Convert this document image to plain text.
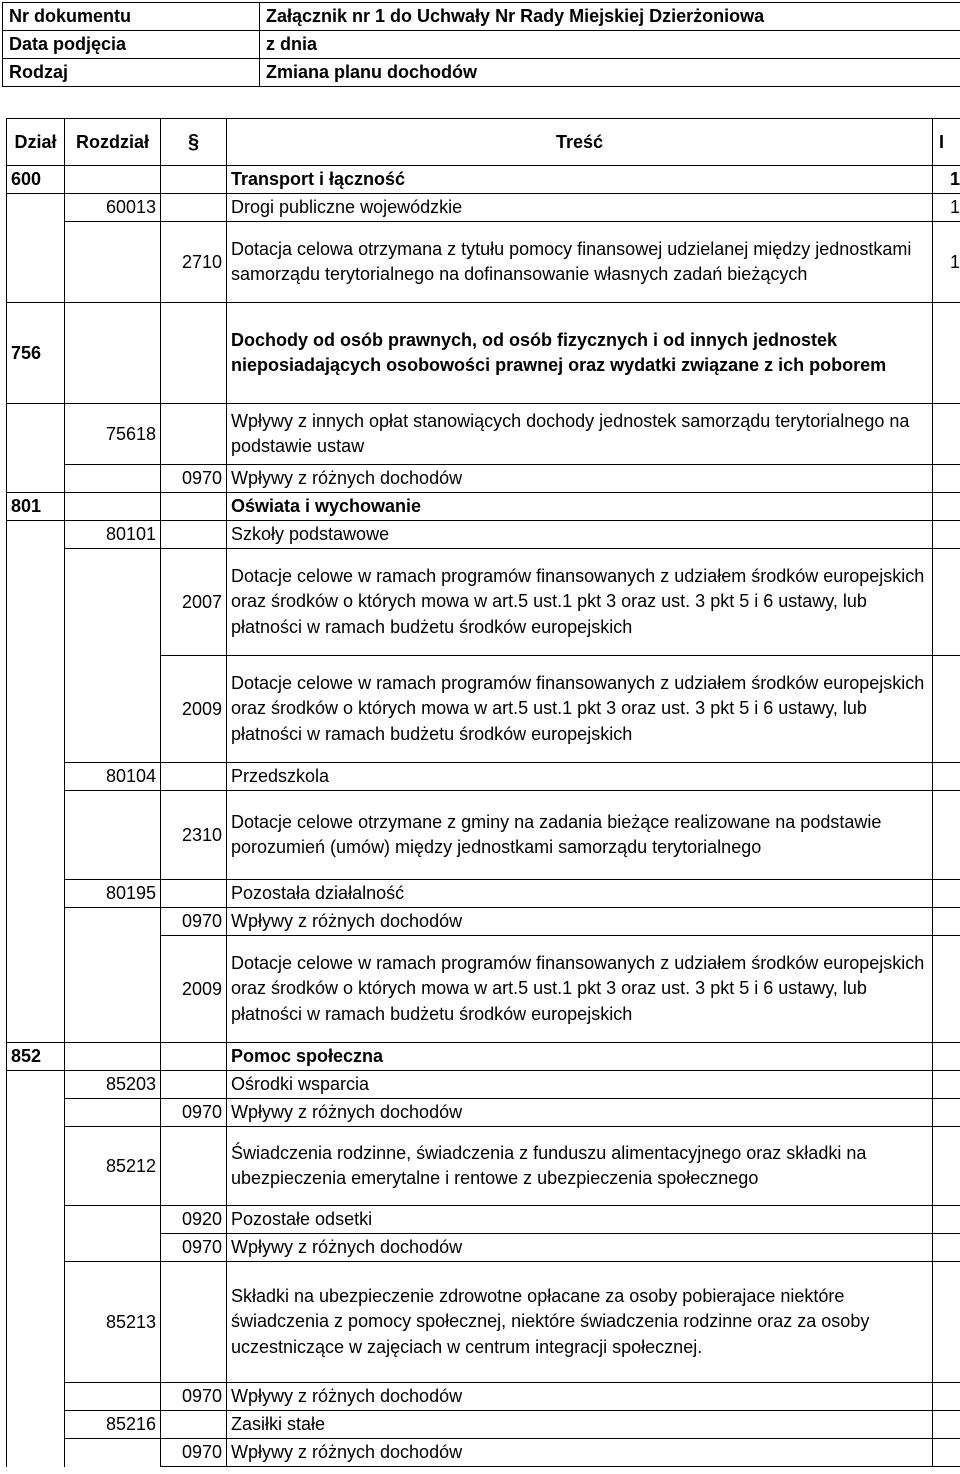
Nr dokumentu	Załącznik nr 1 do Uchwały Nr Rady Miejskiej Dzierżoniowa
Data podjęcia	z dnia
Rodzaj	Zmiana planu dochodów
Dział	Rozdział	§	Treść	I
600			Transport i łączność	1
	60013		Drogi publiczne wojewódzkie	1
		2710	Dotacja celowa otrzymana z tytułu pomocy finansowej udzielanej między jednostkami samorządu terytorialnego na dofinansowanie własnych zadań bieżących	1
756			Dochody od osób prawnych, od osób fizycznych i od innych jednostek nieposiadających osobowości prawnej oraz wydatki związane z ich poborem	
	75618		Wpływy z innych opłat stanowiących dochody jednostek samorządu terytorialnego na podstawie ustaw	
		0970	Wpływy z różnych dochodów	
801			Oświata i wychowanie	
	80101		Szkoły podstawowe	
		2007	Dotacje celowe w ramach programów finansowanych z udziałem środków europejskich oraz środków o których mowa w art.5 ust.1 pkt 3 oraz ust. 3 pkt 5 i 6 ustawy, lub płatności w ramach budżetu środków europejskich	
		2009	Dotacje celowe w ramach programów finansowanych z udziałem środków europejskich oraz środków o których mowa w art.5 ust.1 pkt 3 oraz ust. 3 pkt 5 i 6 ustawy, lub płatności w ramach budżetu środków europejskich	
	80104		Przedszkola	
		2310	Dotacje celowe otrzymane z gminy na zadania bieżące realizowane na podstawie porozumień (umów) między jednostkami samorządu terytorialnego	
	80195		Pozostała działalność	
		0970	Wpływy z różnych dochodów	
		2009	Dotacje celowe w ramach programów finansowanych z udziałem środków europejskich oraz środków o których mowa w art.5 ust.1 pkt 3 oraz ust. 3 pkt 5 i 6 ustawy, lub płatności w ramach budżetu środków europejskich	
852			Pomoc społeczna	
	85203		Ośrodki wsparcia	
		0970	Wpływy z różnych dochodów	
	85212		Świadczenia rodzinne, świadczenia z funduszu alimentacyjnego oraz składki na ubezpieczenia emerytalne i rentowe z ubezpieczenia społecznego	
		0920	Pozostałe odsetki	
		0970	Wpływy z różnych dochodów	
	85213		Składki na ubezpieczenie zdrowotne opłacane za osoby pobierajace niektóre świadczenia z pomocy społecznej, niektóre świadczenia rodzinne oraz za osoby uczestniczące w zajęciach w centrum integracji społecznej.	
		0970	Wpływy z różnych dochodów	
	85216		Zasiłki stałe	
		0970	Wpływy z różnych dochodów	
